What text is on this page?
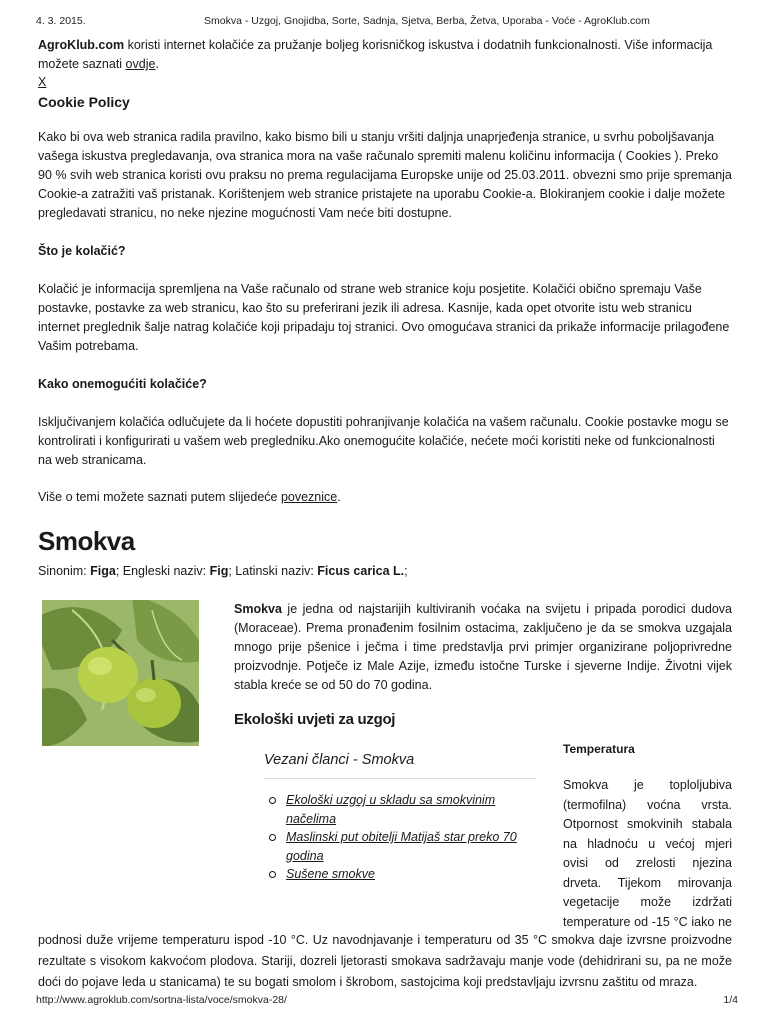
4. 3. 2015.	Smokva - Uzgoj, Gnojidba, Sorte, Sadnja, Sjetva, Berba, Žetva, Uporaba - Voće - AgroKlub.com
AgroKlub.com koristi internet kolačiće za pružanje boljeg korisničkog iskustva i dodatnih funkcionalnosti. Više informacija možete saznati ovdje.
X
Cookie Policy

Kako bi ova web stranica radila pravilno, kako bismo bili u stanju vršiti daljnja unaprjeđenja stranice, u svrhu poboljšavanja vašega iskustva pregledavanja, ova stranica mora na vaše računalo spremiti malenu količinu informacija ( Cookies ). Preko 90 % svih web stranica koristi ovu praksu no prema regulacijama Europske unije od 25.03.2011. obvezni smo prije spremanja Cookie-a zatražiti vaš pristanak. Korištenjem web stranice pristajete na uporabu Cookie-a. Blokiranjem cookie i dalje možete pregledavati stranicu, no neke njezine mogućnosti Vam neće biti dostupne.

Što je kolačić?

Kolačić je informacija spremljena na Vaše računalo od strane web stranice koju posjetite. Kolačići obično spremaju Vaše postavke, postavke za web stranicu, kao što su preferirani jezik ili adresa. Kasnije, kada opet otvorite istu web stranicu internet preglednik šalje natrag kolačiće koji pripadaju toj stranici. Ovo omogućava stranici da prikaže informacije prilagođene Vašim potrebama.

Kako onemogućiti kolačiće?

Isključivanjem kolačića odlučujete da li hoćete dopustiti pohranjivanje kolačića na vašem računalu. Cookie postavke mogu se kontrolirati i konfigurirati u vašem web pregledniku.Ako onemogućite kolačiće, nećete moći koristiti neke od funkcionalnosti na web stranicama.

Više o temi možete saznati putem slijedeće poveznice.

Smokva

Sinonim: Figa; Engleski naziv: Fig; Latinski naziv: Ficus carica L.;

Smokva je jedna od najstarijih kultiviranih voćaka na svijetu i pripada porodici dudova (Moraceae). Prema pronađenim fosilnim ostacima, zaključeno je da se smokva uzgajala mnogo prije pšenice i ječma i time predstavlja prvi primjer organizirane poljoprivredne proizvodnje. Potječe iz Male Azije, između istočne Turske i sjeverne Indije. Životni vijek stabla kreće se od 50 do 70 godina.

Ekološki uvjeti za uzgoj
Vezani članci - Smokva
Ekološki uzgoj u skladu sa smokvinim načelima
Maslinski put obitelji Matijaš star preko 70 godina
Sušene smokve
Temperatura

Smokva je toploljubiva (termofilna) voćna vrsta. Otpornost smokvinih stabala na hladnoću u većoj mjeri ovisi od zrelosti njezina drveta. Tijekom mirovanja vegetacije može izdržati temperature od -15 °C iako ne

podnosi duže vrijeme temperaturu ispod -10 °C. Uz navodnjavanje i temperaturu od 35 °C smokva daje izvrsne proizvodne rezultate s visokom kakvoćom plodova. Stariji, dozreli ljetorasti smokava sadržavaju manje vode (dehidrirani su, pa ne može doći do pojave leda u stanicama) te su bogati smolom i škrobom, sastojcima koji predstavljaju izvrsnu zaštitu od mraza.

http://www.agroklub.com/sortna-lista/voce/smokva-28/	1/4
